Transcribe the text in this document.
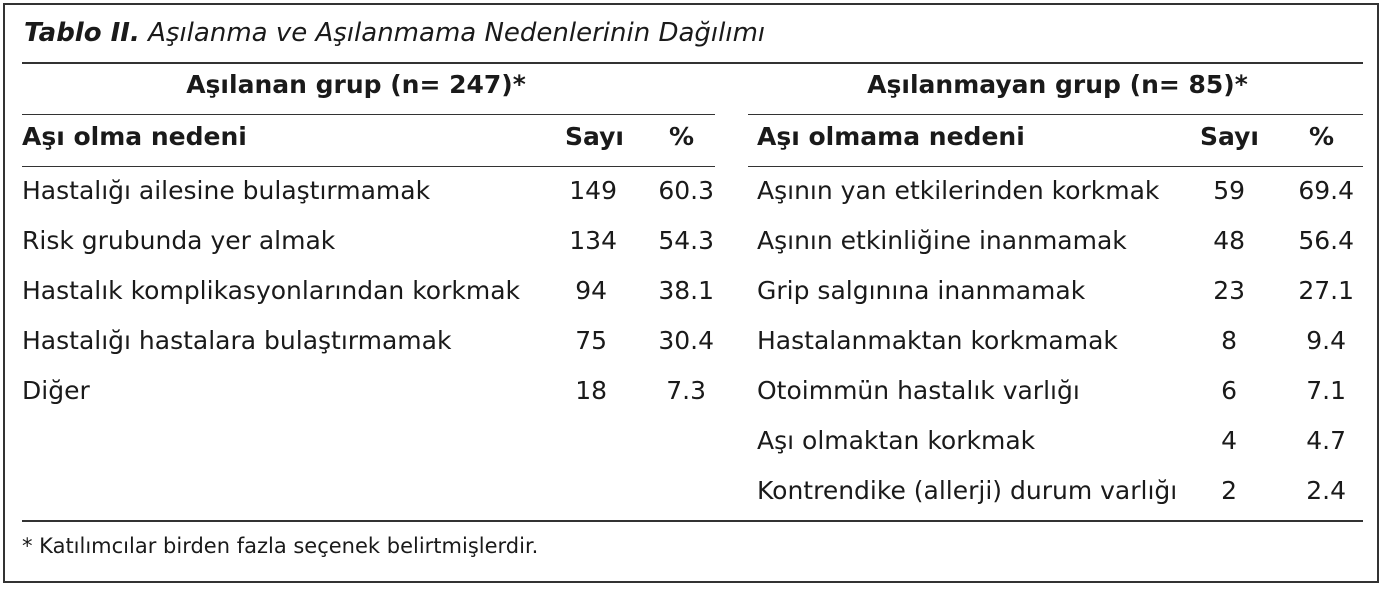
Tablo II. Aşılanma ve Aşılanmama Nedenlerinin Dağılımı
Aşılanan grup (n= 247)*	Aşılanmayan grup (n= 85)*
Aşı olma nedeni	Sayı %	Aşı olmama nedeni	Sayı %
Hastalığı ailesine bulaştırmamak	149	60.3
Risk grubunda yer almak	134	54.3
Hastalık komplikasyonlarından korkmak	94	38.1
Hastalığı hastalara bulaştırmamak	75	30.4
Diğer	18	7.3
Aşının yan etkilerinden korkmak	59	69.4
Aşının etkinliğine inanmamak	48	56.4
Grip salgınına inanmamak	23	27.1
Hastalanmaktan korkmamak	8	9.4
Otoimmün hastalık varlığı	6	7.1
Aşı olmaktan korkmak	4	4.7
Kontrendike (allerji) durum varlığı	2	2.4
* Katılımcılar birden fazla seçenek belirtmişlerdir.
